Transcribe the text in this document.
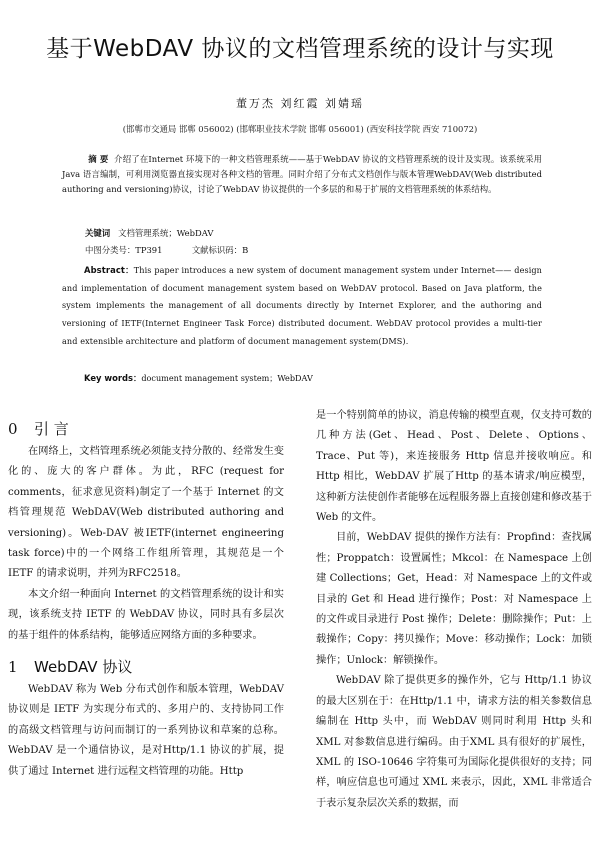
基于WebDAV 协议的文档管理系统的设计与实现
董万杰 刘红霞 刘婧瑶
(邯郸市交通局 邯郸 056002) (邯郸职业技术学院 邯郸 056001) (西安科技学院 西安 710072)
摘 要 介绍了在Internet 环境下的一种文档管理系统——基于WebDAV 协议的文档管理系统的设计及实现。该系统采用Java 语言编制，可利用浏览器直接实现对各种文档的管理。同时介绍了分布式文档创作与版本管理WebDAV(Web distributed authoring and versioning)协议，讨论了WebDAV 协议提供的一个多层的和易于扩展的文档管理系统的体系结构。
关键词 文档管理系统；WebDAV
中图分类号：TP391	文献标识码：B
Abstract：This paper introduces a new system of document management system under Internet—— design and implementation of document management system based on WebDAV protocol. Based on Java platform, the system implements the management of all documents directly by Internet Explorer, and the authoring and versioning of IETF(Internet Engineer Task Force) distributed document. WebDAV protocol provides a multi-tier and extensible architecture and platform of document management system(DMS).
Key words：document management system；WebDAV
0 引 言

在网络上，文档管理系统必须能支持分散的、经常发生变化的、庞大的客户群体。为此，RFC (request for comments，征求意见资料)制定了一个基于 Internet 的文档管理规范 WebDAV(Web distributed authoring and versioning)。Web-DAV 被IETF(internet engineering task force)中的一个网络工作组所管理，其规范是一个 IETF 的请求说明，并列为RFC2518。

本文介绍一种面向 Internet 的文档管理系统的设计和实现，该系统支持 IETF 的 WebDAV 协议，同时具有多层次的基于组件的体系结构，能够适应网络方面的多种要求。

1 WebDAV 协议

WebDAV 称为 Web 分布式创作和版本管理，WebDAV 协议则是 IETF 为实现分布式的、多用户的、支持协同工作的高级文档管理与访问而制订的一系列协议和草案的总称。WebDAV 是一个通信协议，是对Http/1.1 协议的扩展，提供了通过 Internet 进行远程文档管理的功能。Http

是一个特别简单的协议，消息传输的模型直观，仅支持可数的几种方法(Get、Head、Post、Delete、Options、Trace、Put 等)，来连接服务 Http 信息并接收响应。和Http 相比，WebDAV 扩展了Http 的基本请求/响应模型，这种新方法使创作者能够在远程服务器上直接创建和修改基于Web 的文件。

目前，WebDAV 提供的操作方法有：Propfind：查找属性；Proppatch：设置属性；Mkcol：在 Namespace 上创建 Collections；Get，Head：对 Namespace 上的文件或目录的 Get 和 Head 进行操作；Post：对 Namespace 上的文件或目录进行 Post 操作；Delete：删除操作；Put：上载操作；Copy：拷贝操作；Move：移动操作；Lock：加锁操作；Unlock：解锁操作。

WebDAV 除了提供更多的操作外，它与 Http/1.1 协议的最大区别在于：在Http/1.1 中，请求方法的相关参数信息编制在 Http 头中，而 WebDAV 则同时利用 Http 头和 XML 对参数信息进行编码。由于XML 具有很好的扩展性，XML 的 ISO-10646 字符集可为国际化提供很好的支持；同样，响应信息也可通过 XML 来表示，因此，XML 非常适合于表示复杂层次关系的数据，而
